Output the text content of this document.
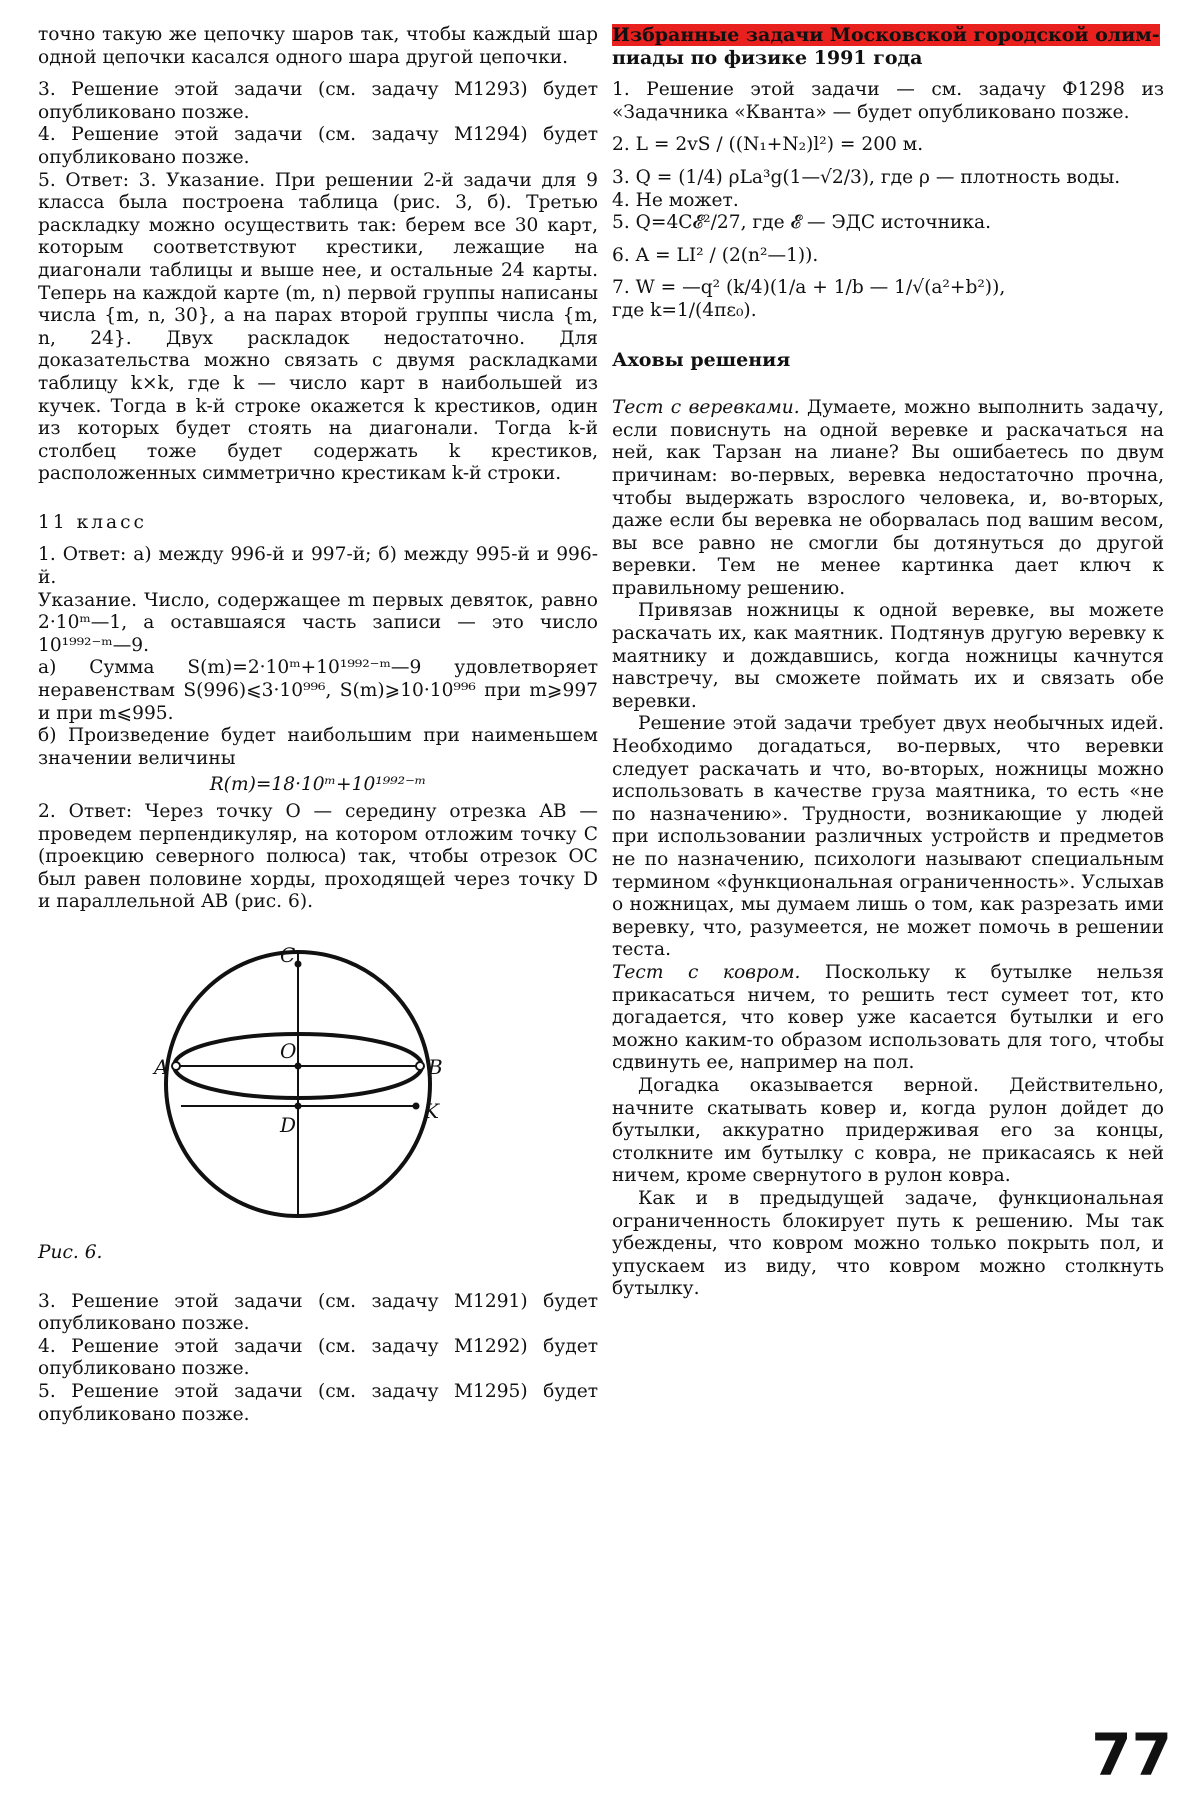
точно такую же цепочку шаров так, чтобы каждый шар одной цепочки касался одного шара другой цепочки.

3. Решение этой задачи (см. задачу М1293) будет опубликовано позже.

4. Решение этой задачи (см. задачу М1294) будет опубликовано позже.

5. Ответ: 3. Указание. При решении 2-й задачи для 9 класса была построена таблица (рис. 3, б). Третью раскладку можно осуществить так: берем все 30 карт, которым соответствуют крестики, лежащие на диагонали таблицы и выше нее, и остальные 24 карты. Теперь на каждой карте (m, n) первой группы написаны числа {m, n, 30}, а на парах второй группы числа {m, n, 24}. Двух раскладок недостаточно. Для доказательства можно связать с двумя раскладками таблицу k×k, где k — число карт в наибольшей из кучек. Тогда в k-й строке окажется k крестиков, один из которых будет стоять на диагонали. Тогда k-й столбец тоже будет содержать k крестиков, расположенных симметрично крестикам k-й строки.

11 класс

1. Ответ: а) между 996-й и 997-й; б) между 995-й и 996-й.

Указание. Число, содержащее m первых девяток, равно 2·10ᵐ—1, а оставшаяся часть записи — это число 10¹⁹⁹²⁻ᵐ—9.

а) Сумма S(m)=2·10ᵐ+10¹⁹⁹²⁻ᵐ—9 удовлетворяет неравенствам S(996)⩽3·10⁹⁹⁶, S(m)⩾10·10⁹⁹⁶ при m⩾997 и при m⩽995.

б) Произведение будет наибольшим при наименьшем значении величины

R(m)=18·10ᵐ+10¹⁹⁹²⁻ᵐ

2. Ответ: Через точку O — середину отрезка AB — проведем перпендикуляр, на котором отложим точку C (проекцию северного полюса) так, чтобы отрезок OC был равен половине хорды, проходящей через точку D и параллельной AB (рис. 6).

C
O
A	B
D
K

Рис. 6.

3. Решение этой задачи (см. задачу М1291) будет опубликовано позже.

4. Решение этой задачи (см. задачу М1292) будет опубликовано позже.

5. Решение этой задачи (см. задачу М1295) будет опубликовано позже.

Избранные задачи Московской городской олим-
пиады по физике 1991 года

1. Решение этой задачи — см. задачу Ф1298 из «Задачника «Кванта» — будет опубликовано позже.

2. L = 2vS / ((N₁+N₂)l²) = 200 м.

3. Q = (1/4) ρLa³g(1—√2/3), где ρ — плотность воды.

4. Не может.

5. Q=4C𝓔²/27, где 𝓔 — ЭДС источника.

6. A = LI² / (2(n²—1)).

7. W = —q² (k/4)(1/a + 1/b — 1/√(a²+b²)),

где k=1/(4πε₀).

Аховы решения

Тест с веревками. Думаете, можно выполнить задачу, если повиснуть на одной веревке и раскачаться на ней, как Тарзан на лиане? Вы ошибаетесь по двум причинам: во-первых, веревка недостаточно прочна, чтобы выдержать взрослого человека, и, во-вторых, даже если бы веревка не оборвалась под вашим весом, вы все равно не смогли бы дотянуться до другой веревки. Тем не менее картинка дает ключ к правильному решению.

Привязав ножницы к одной веревке, вы можете раскачать их, как маятник. Подтянув другую веревку к маятнику и дождавшись, когда ножницы качнутся навстречу, вы сможете поймать их и связать обе веревки.

Решение этой задачи требует двух необычных идей. Необходимо догадаться, во-первых, что веревки следует раскачать и что, во-вторых, ножницы можно использовать в качестве груза маятника, то есть «не по назначению». Трудности, возникающие у людей при использовании различных устройств и предметов не по назначению, психологи называют специальным термином «функциональная ограниченность». Услыхав о ножницах, мы думаем лишь о том, как разрезать ими веревку, что, разумеется, не может помочь в решении теста.

Тест с ковром. Поскольку к бутылке нельзя прикасаться ничем, то решить тест сумеет тот, кто догадается, что ковер уже касается бутылки и его можно каким-то образом использовать для того, чтобы сдвинуть ее, например на пол.

Догадка оказывается верной. Действительно, начните скатывать ковер и, когда рулон дойдет до бутылки, аккуратно придерживая его за концы, столкните им бутылку с ковра, не прикасаясь к ней ничем, кроме свернутого в рулон ковра.

Как и в предыдущей задаче, функциональная ограниченность блокирует путь к решению. Мы так убеждены, что ковром можно только покрыть пол, и упускаем из виду, что ковром можно столкнуть бутылку.

77
